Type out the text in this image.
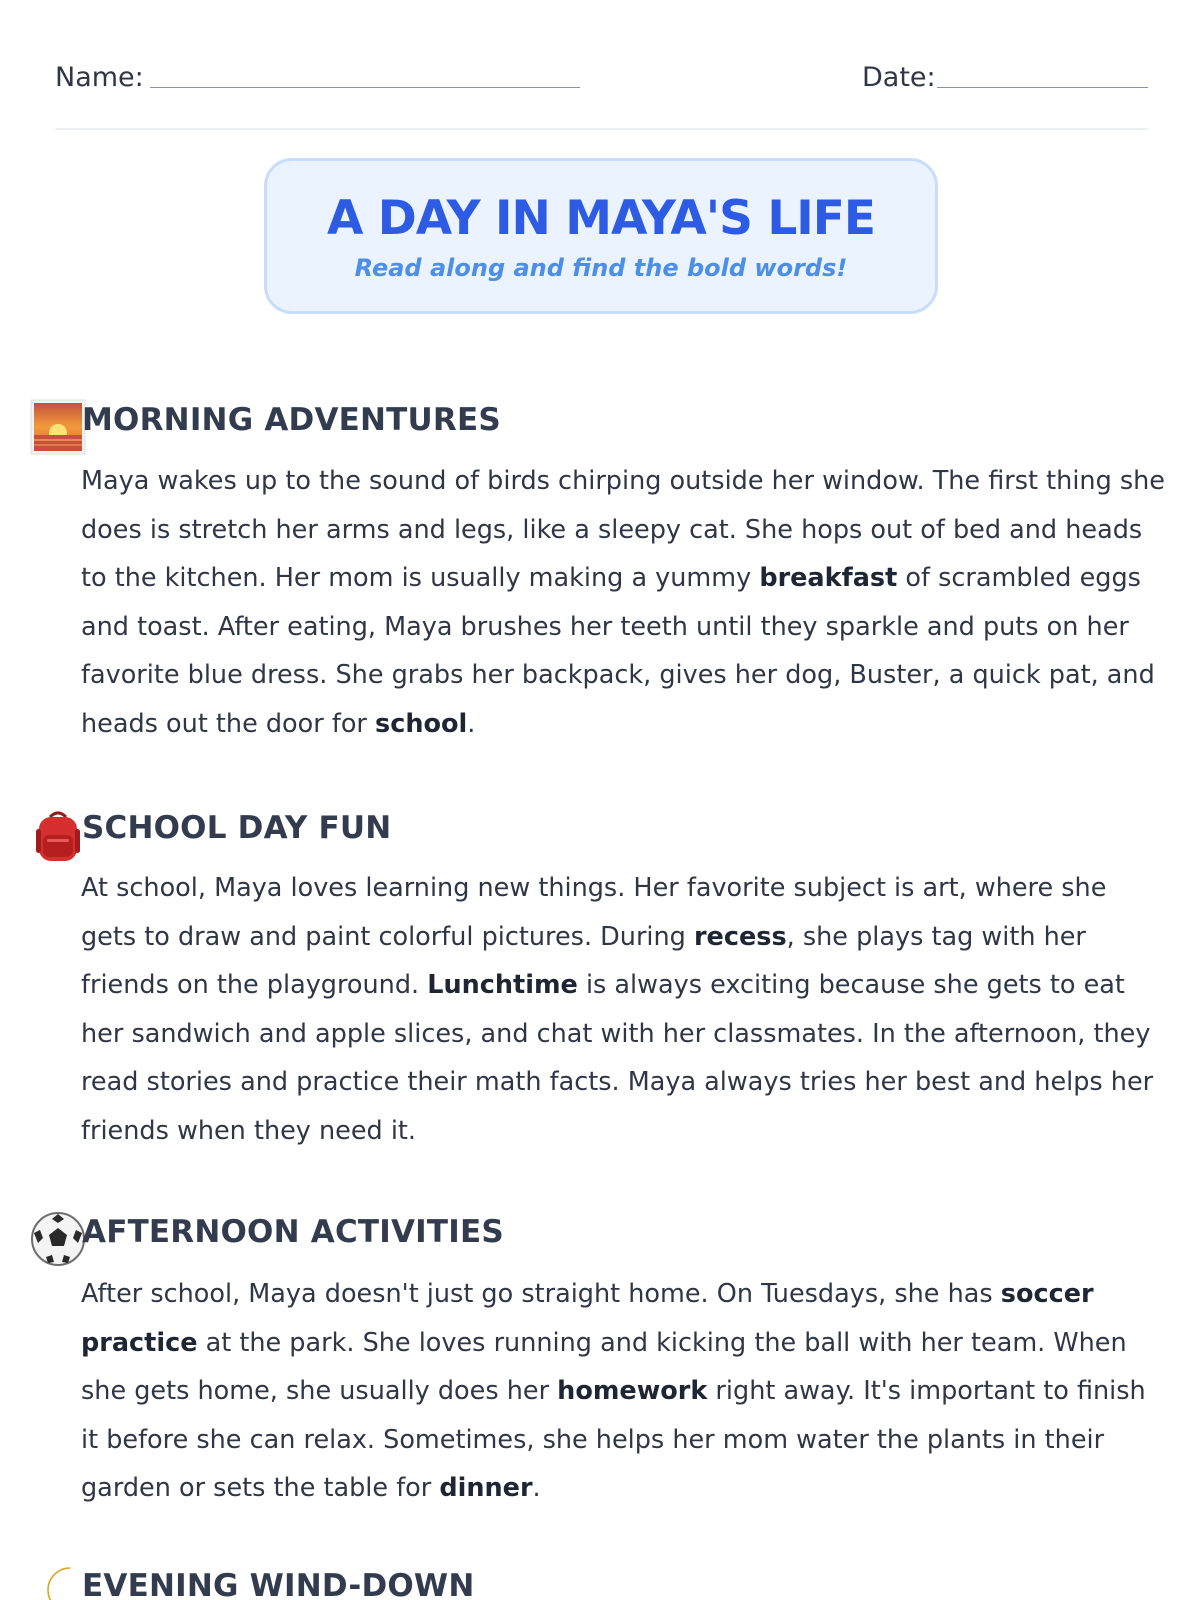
Name:	Date:
A DAY IN MAYA'S LIFE
Read along and find the bold words!
MORNING ADVENTURES

Maya wakes up to the sound of birds chirping outside her window. The first thing she does is stretch her arms and legs, like a sleepy cat. She hops out of bed and heads to the kitchen. Her mom is usually making a yummy breakfast of scrambled eggs and toast. After eating, Maya brushes her teeth until they sparkle and puts on her favorite blue dress. She grabs her backpack, gives her dog, Buster, a quick pat, and heads out the door for school.

SCHOOL DAY FUN

At school, Maya loves learning new things. Her favorite subject is art, where she gets to draw and paint colorful pictures. During recess, she plays tag with her friends on the playground. Lunchtime is always exciting because she gets to eat her sandwich and apple slices, and chat with her classmates. In the afternoon, they read stories and practice their math facts. Maya always tries her best and helps her friends when they need it.

AFTERNOON ACTIVITIES

After school, Maya doesn't just go straight home. On Tuesdays, she has soccer practice at the park. She loves running and kicking the ball with her team. When she gets home, she usually does her homework right away. It's important to finish it before she can relax. Sometimes, she helps her mom water the plants in their garden or sets the table for dinner.

EVENING WIND-DOWN
